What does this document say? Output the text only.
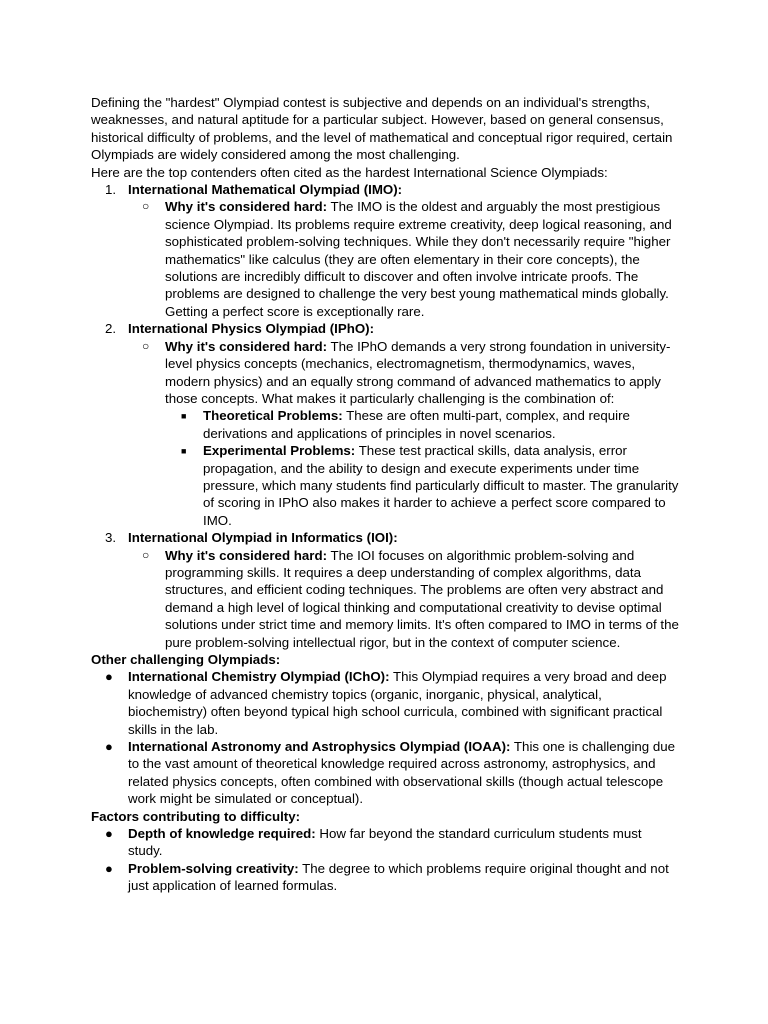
Defining the "hardest" Olympiad contest is subjective and depends on an individual's strengths, weaknesses, and natural aptitude for a particular subject. However, based on general consensus, historical difficulty of problems, and the level of mathematical and conceptual rigor required, certain Olympiads are widely considered among the most challenging.

Here are the top contenders often cited as the hardest International Science Olympiads:

1. International Mathematical Olympiad (IMO):
○ Why it's considered hard: The IMO is the oldest and arguably the most prestigious science Olympiad. Its problems require extreme creativity, deep logical reasoning, and sophisticated problem-solving techniques. While they don't necessarily require "higher mathematics" like calculus (they are often elementary in their core concepts), the solutions are incredibly difficult to discover and often involve intricate proofs. The problems are designed to challenge the very best young mathematical minds globally. Getting a perfect score is exceptionally rare.
2. International Physics Olympiad (IPhO):
○ Why it's considered hard: The IPhO demands a very strong foundation in university-level physics concepts (mechanics, electromagnetism, thermodynamics, waves, modern physics) and an equally strong command of advanced mathematics to apply those concepts. What makes it particularly challenging is the combination of:
■ Theoretical Problems: These are often multi-part, complex, and require derivations and applications of principles in novel scenarios.
■ Experimental Problems: These test practical skills, data analysis, error propagation, and the ability to design and execute experiments under time pressure, which many students find particularly difficult to master. The granularity of scoring in IPhO also makes it harder to achieve a perfect score compared to IMO.
3. International Olympiad in Informatics (IOI):
○ Why it's considered hard: The IOI focuses on algorithmic problem-solving and programming skills. It requires a deep understanding of complex algorithms, data structures, and efficient coding techniques. The problems are often very abstract and demand a high level of logical thinking and computational creativity to devise optimal solutions under strict time and memory limits. It's often compared to IMO in terms of the pure problem-solving intellectual rigor, but in the context of computer science.

Other challenging Olympiads:

● International Chemistry Olympiad (IChO): This Olympiad requires a very broad and deep knowledge of advanced chemistry topics (organic, inorganic, physical, analytical, biochemistry) often beyond typical high school curricula, combined with significant practical skills in the lab.
● International Astronomy and Astrophysics Olympiad (IOAA): This one is challenging due to the vast amount of theoretical knowledge required across astronomy, astrophysics, and related physics concepts, often combined with observational skills (though actual telescope work might be simulated or conceptual).

Factors contributing to difficulty:

● Depth of knowledge required: How far beyond the standard curriculum students must study.
● Problem-solving creativity: The degree to which problems require original thought and not just application of learned formulas.
